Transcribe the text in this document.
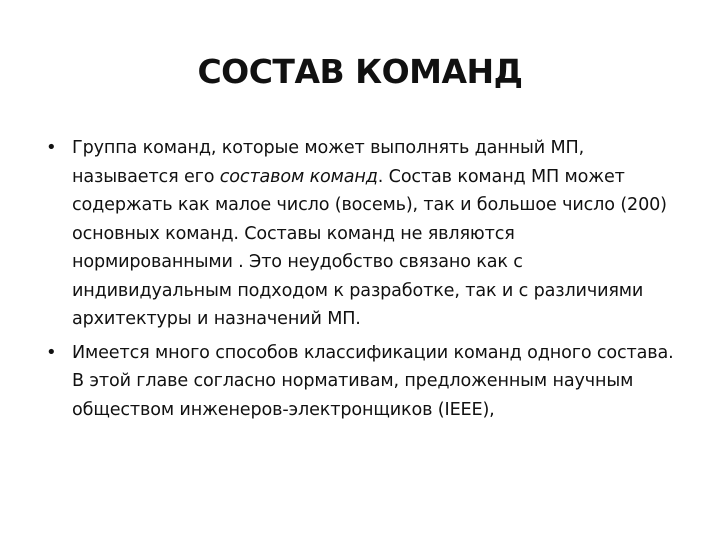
СОСТАВ КОМАНД
• Группа команд, которые может выполнять данный МП, называется его составом команд. Состав команд МП может содержать как малое число (восемь), так и большое число (200) основных команд. Составы команд не являются нормированными . Это неудобство связано как с индивидуальным подходом к разработке, так и с различиями архитектуры и назначений МП.
• Имеется много способов классификации команд одного состава. В этой главе согласно нормативам, предложенным научным обществом инженеров-электронщиков (IEEE),
